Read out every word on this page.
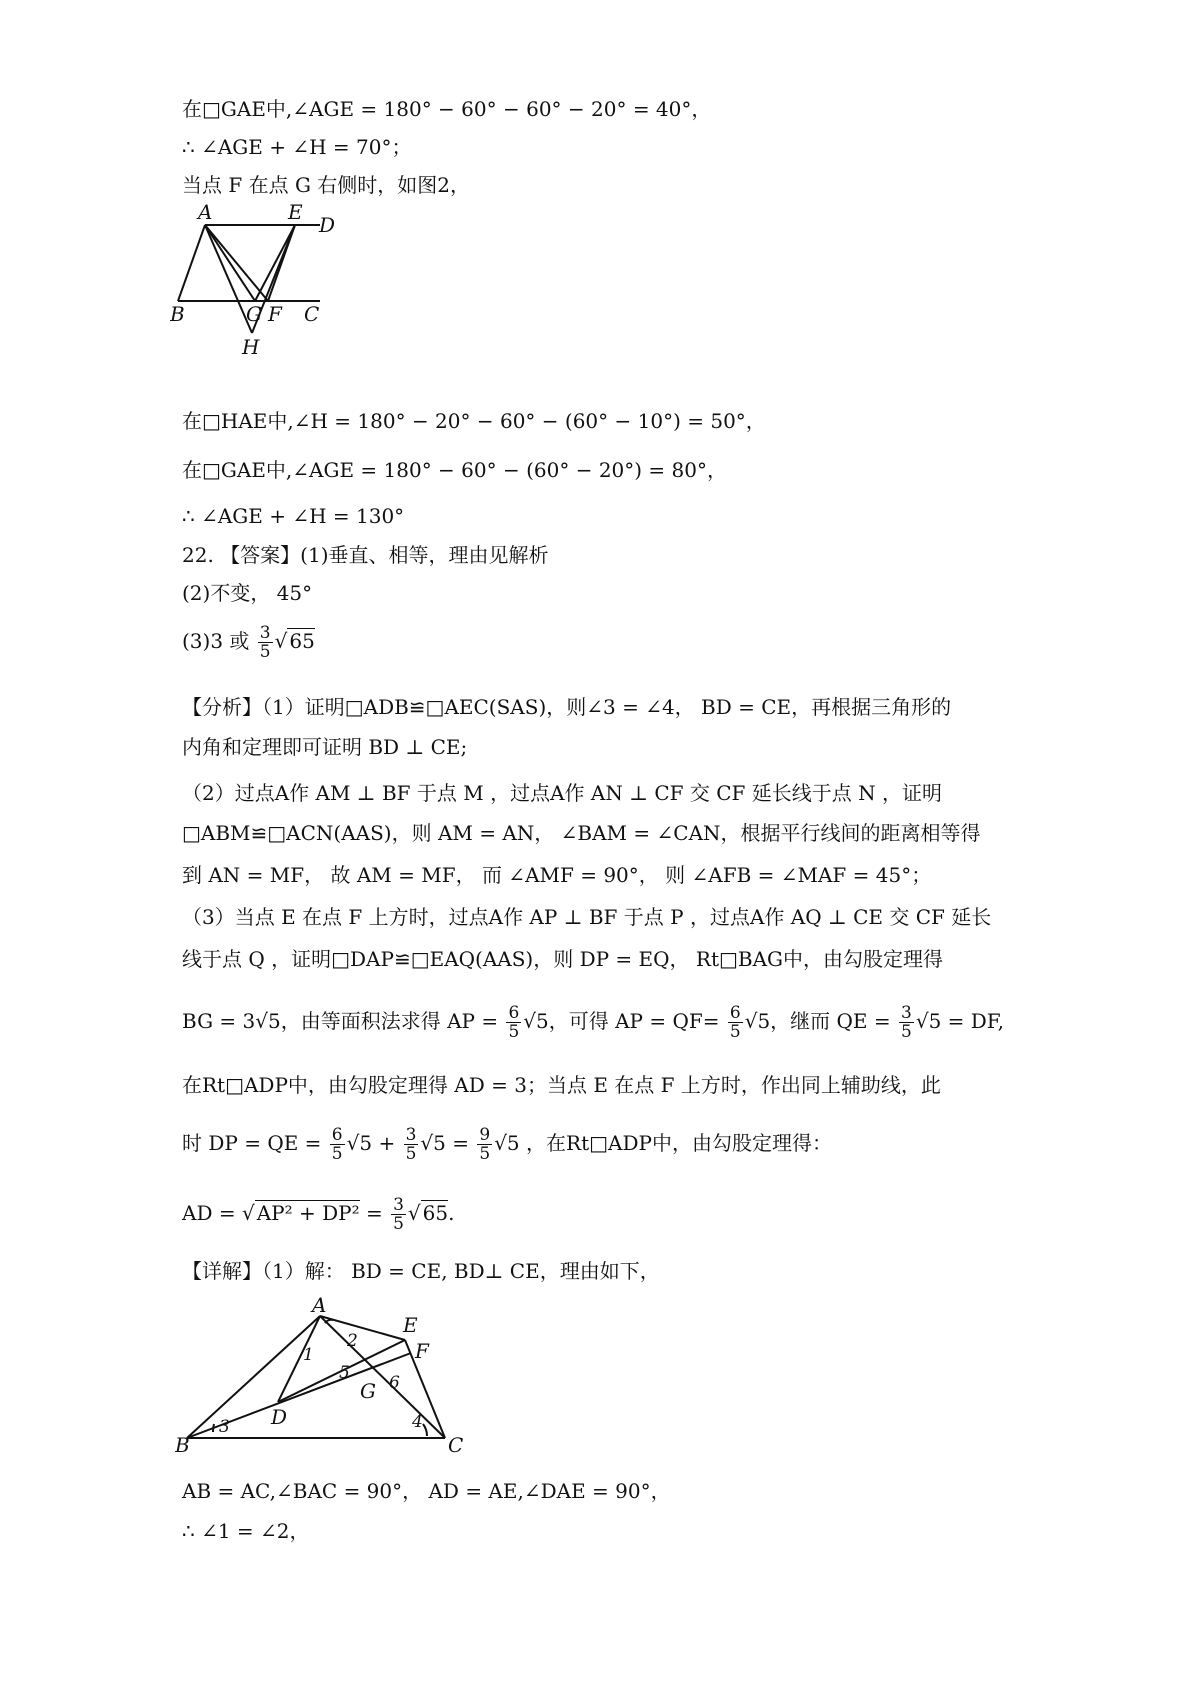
在□GAE中,∠AGE = 180° − 60° − 60° − 20° = 40°，
∴ ∠AGE + ∠H = 70°；
当点 F 在点 G 右侧时，如图2，
A	E
D
B	G F C
H
在□HAE中,∠H = 180° − 20° − 60° − (60° − 10°) = 50°，
在□GAE中,∠AGE = 180° − 60° − (60° − 20°) = 80°，
∴ ∠AGE + ∠H = 130°
22. 【答案】(1)垂直、相等，理由见解析
(2)不变， 45°
(3)3 或 $\frac{3}{5}$ √ 65
【分析】（1）证明□ADB≌□AEC(SAS)，则∠3 = ∠4， BD = CE，再根据三角形的
内角和定理即可证明 BD ⊥ CE;
（2）过点A作 AM ⊥ BF 于点 M ，过点A作 AN ⊥ CF 交 CF 延长线于点 N ，证明
□ABM≌□ACN(AAS)，则 AM = AN， ∠BAM = ∠CAN，根据平行线间的距离相等得
到 AN = MF， 故 AM = MF， 而 ∠AMF = 90°， 则 ∠AFB = ∠MAF = 45°；
（3）当点 E 在点 F 上方时，过点A作 AP ⊥ BF 于点 P ，过点A作 AQ ⊥ CE 交 CF 延长
线于点 Q ，证明□DAP≌□EAQ(AAS)，则 DP = EQ， Rt□BAG中，由勾股定理得
BG = 3√5，由等面积法求得 AP = $\frac{6}{5} √5$，可得 AP = $QF= \frac{6}{5} √5$，继而 QE = $\frac{3}{5} √5$ = DF,
在Rt□ADP中，由勾股定理得 AD = 3；当点 E 在点 F 上方时，作出同上辅助线，此
时 DP = QE = $\frac{6}{5} √5 + \frac{3}{5} √5 = \frac{9}{5} √5$ ，在Rt□ADP中，由勾股定理得：
AD = √ $AP^2 + DP^2 = \frac{3}{5}$ √ 65.
【详解】（1）解： BD = CE, BD⊥ CE，理由如下，
A
E
F
B
D
G
C
1
2
3	4
5 6
AB = AC,∠BAC = 90°， AD = AE,∠DAE = 90°，
∴ ∠1 = ∠2，
